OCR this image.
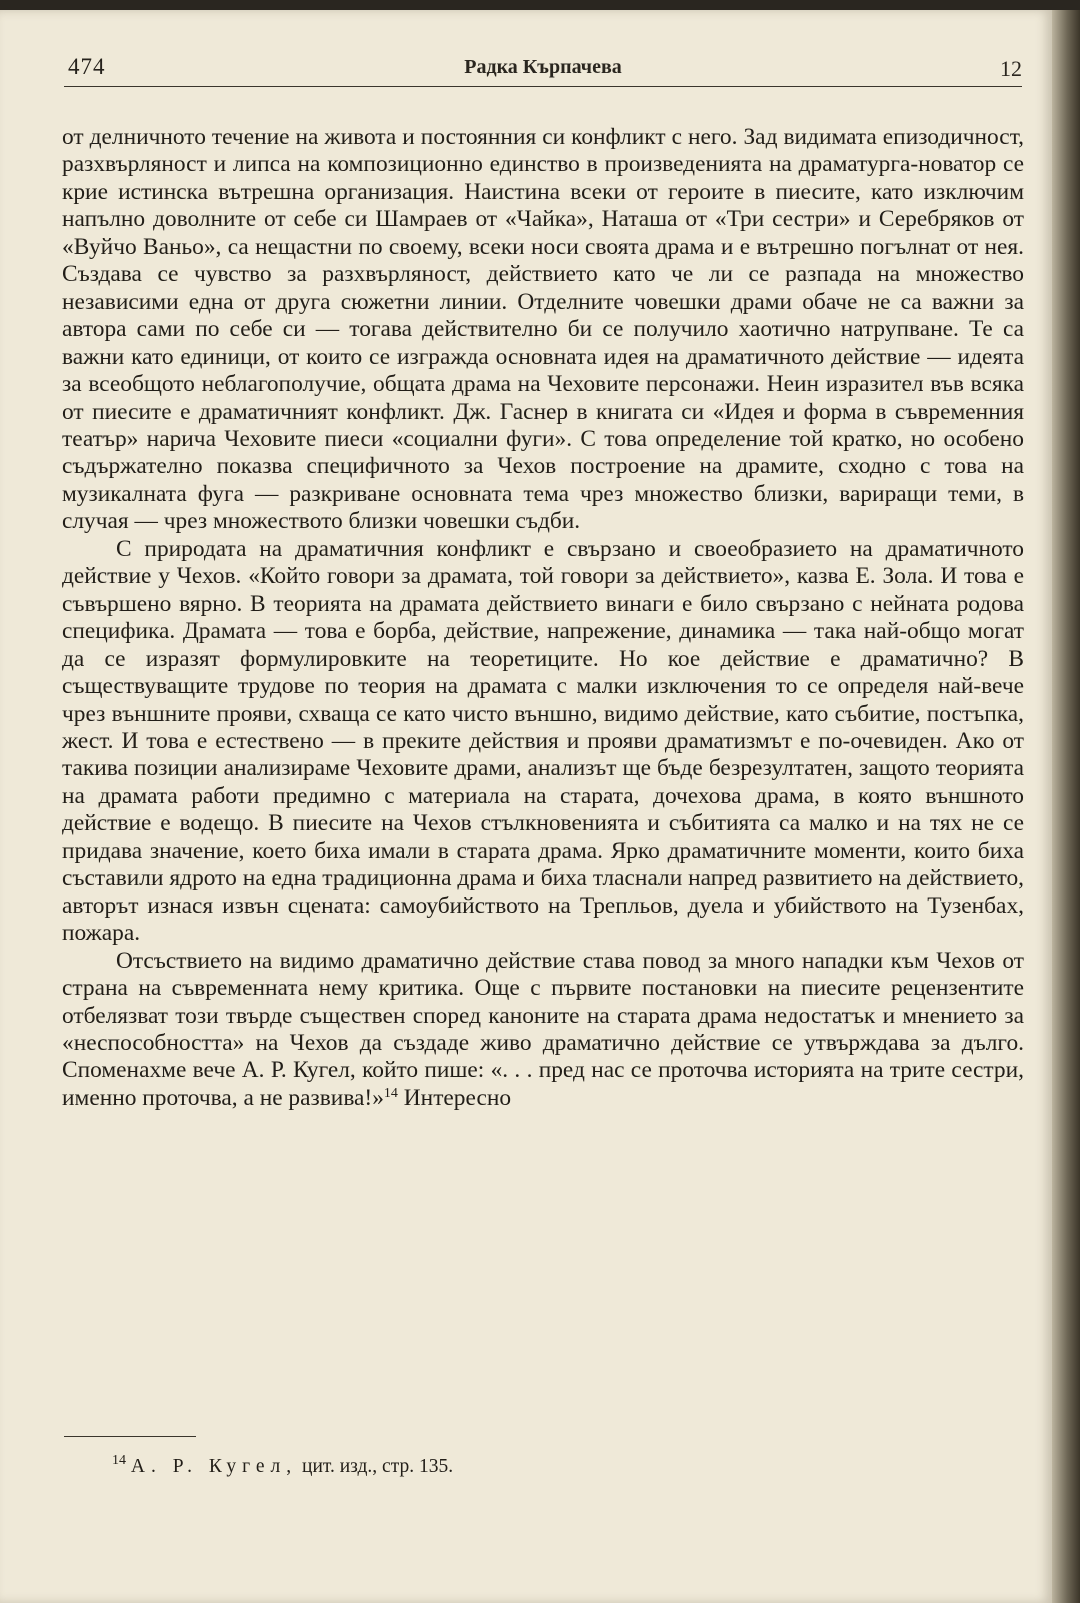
474	Радка Кърпачева	12

от делничното течение на живота и постоянния си конфликт с него. Зад видимата епизодичност, разхвърляност и липса на композиционно единство в произведенията на драматурга-новатор се крие истинска вътрешна организация. Наистина всеки от героите в пиесите, като изключим напълно доволните от себе си Шамраев от «Чайка», Наташа от «Три сестри» и Серебряков от «Вуйчо Ваньо», са нещастни по своему, всеки носи своята драма и е вътрешно погълнат от нея. Създава се чувство за разхвърляност, действието като че ли се разпада на множество независими една от друга сюжетни линии. Отделните човешки драми обаче не са важни за автора сами по себе си — тогава действително би се получило хаотично натрупване. Те са важни като единици, от които се изгражда основната идея на драматичното действие — идеята за всеобщото неблагополучие, общата драма на Чеховите персонажи. Неин изразител във всяка от пиесите е драматичният конфликт. Дж. Гаснер в книгата си «Идея и форма в съвременния театър» нарича Чеховите пиеси «социални фуги». С това определение той кратко, но особено съдържателно показва специфичното за Чехов построение на драмите, сходно с това на музикалната фуга — разкриване основната тема чрез множество близки, вариращи теми, в случая — чрез множеството близки човешки съдби.

С природата на драматичния конфликт е свързано и своеобразието на драматичното действие у Чехов. «Който говори за драмата, той говори за действието», казва Е. Зола. И това е съвършено вярно. В теорията на драмата действието винаги е било свързано с нейната родова специфика. Драмата — това е борба, действие, напрежение, динамика — така най-общо могат да се изразят формулировките на теоретиците. Но кое действие е драматично? В съществуващите трудове по теория на драмата с малки изключения то се определя най-вече чрез външните прояви, схваща се като чисто външно, видимо действие, като събитие, постъпка, жест. И това е естествено — в преките действия и прояви драматизмът е по-очевиден. Ако от такива позиции анализираме Чеховите драми, анализът ще бъде безрезултатен, защото теорията на драмата работи предимно с материала на старата, дочехова драма, в която външното действие е водещо. В пиесите на Чехов стълкновенията и събитията са малко и на тях не се придава значение, което биха имали в старата драма. Ярко драматичните моменти, които биха съставили ядрото на една традиционна драма и биха тласнали напред развитието на действието, авторът изнася извън сцената: самоубийството на Трепльов, дуела и убийството на Тузенбах, пожара.

Отсъствието на видимо драматично действие става повод за много нападки към Чехов от страна на съвременната нему критика. Още с първите постановки на пиесите рецензентите отбелязват този твърде съществен според каноните на старата драма недостатък и мнението за «неспособността» на Чехов да създаде живо драматично действие се утвърждава за дълго. Споменахме вече А. Р. Кугел, който пише: «. . . пред нас се проточва историята на трите сестри, именно проточва, а не развива!»$^{14}$ Интересно

$^{14}$ А. Р. Кугел, цит. изд., стр. 135.
